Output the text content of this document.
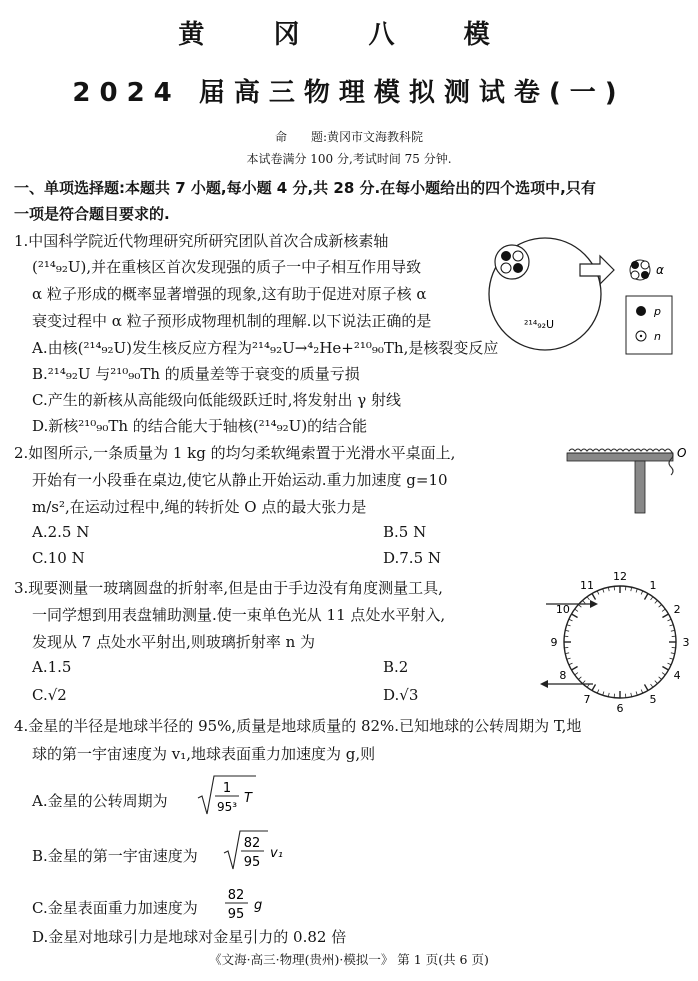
黄 冈 八 模
2024 届高三物理模拟测试卷(一)
命　　题:黄冈市文海教科院
本试卷满分 100 分,考试时间 75 分钟.
一、单项选择题:本题共 7 小题,每小题 4 分,共 28 分.在每小题给出的四个选项中,只有
一项是符合题目要求的.
1.中国科学院近代物理研究所研究团队首次合成新核素轴
(²¹⁴₉₂U),并在重核区首次发现强的质子一中子相互作用导致
α 粒子形成的概率显著增强的现象,这有助于促进对原子核 α
衰变过程中 α 粒子预形成物理机制的理解.以下说法正确的是
A.由核(²¹⁴₉₂U)发生核反应方程为²¹⁴₉₂U→⁴₂He+²¹⁰₉₀Th,是核裂变反应
B.²¹⁴₉₂U 与²¹⁰₉₀Th 的质量差等于衰变的质量亏损
C.产生的新核从高能级向低能级跃迁时,将发射出 γ 射线
D.新核²¹⁰₉₀Th 的结合能大于轴核(²¹⁴₉₂U)的结合能
²¹⁴₉₂U
α
p
n
2.如图所示,一条质量为 1 kg 的均匀柔软绳索置于光滑水平桌面上,
开始有一小段垂在桌边,使它从静止开始运动.重力加速度 g=10
m/s²,在运动过程中,绳的转折处 O 点的最大张力是
A.2.5 N	B.5 N
C.10 N	D.7.5 N
O
3.现要测量一玻璃圆盘的折射率,但是由于手边没有角度测量工具,
一同学想到用表盘辅助测量.使一束单色光从 11 点处水平射入,
发现从 7 点处水平射出,则玻璃折射率 n 为
A.1.5	B.2
C.√2	D.√3
12
1
2
3
4
5
6
7
8
9
10
11
4.金星的半径是地球半径的 95%,质量是地球质量的 82%.已知地球的公转周期为 T,地
球的第一宇宙速度为 v₁,地球表面重力加速度为 g,则
A.金星的公转周期为
1
95³
T
B.金星的第一宇宙速度为
82
95
v₁
C.金星表面重力加速度为
82
95
g
D.金星对地球引力是地球对金星引力的 0.82 倍
《文海·高三·物理(贵州)·模拟一》 第 1 页(共 6 页)
